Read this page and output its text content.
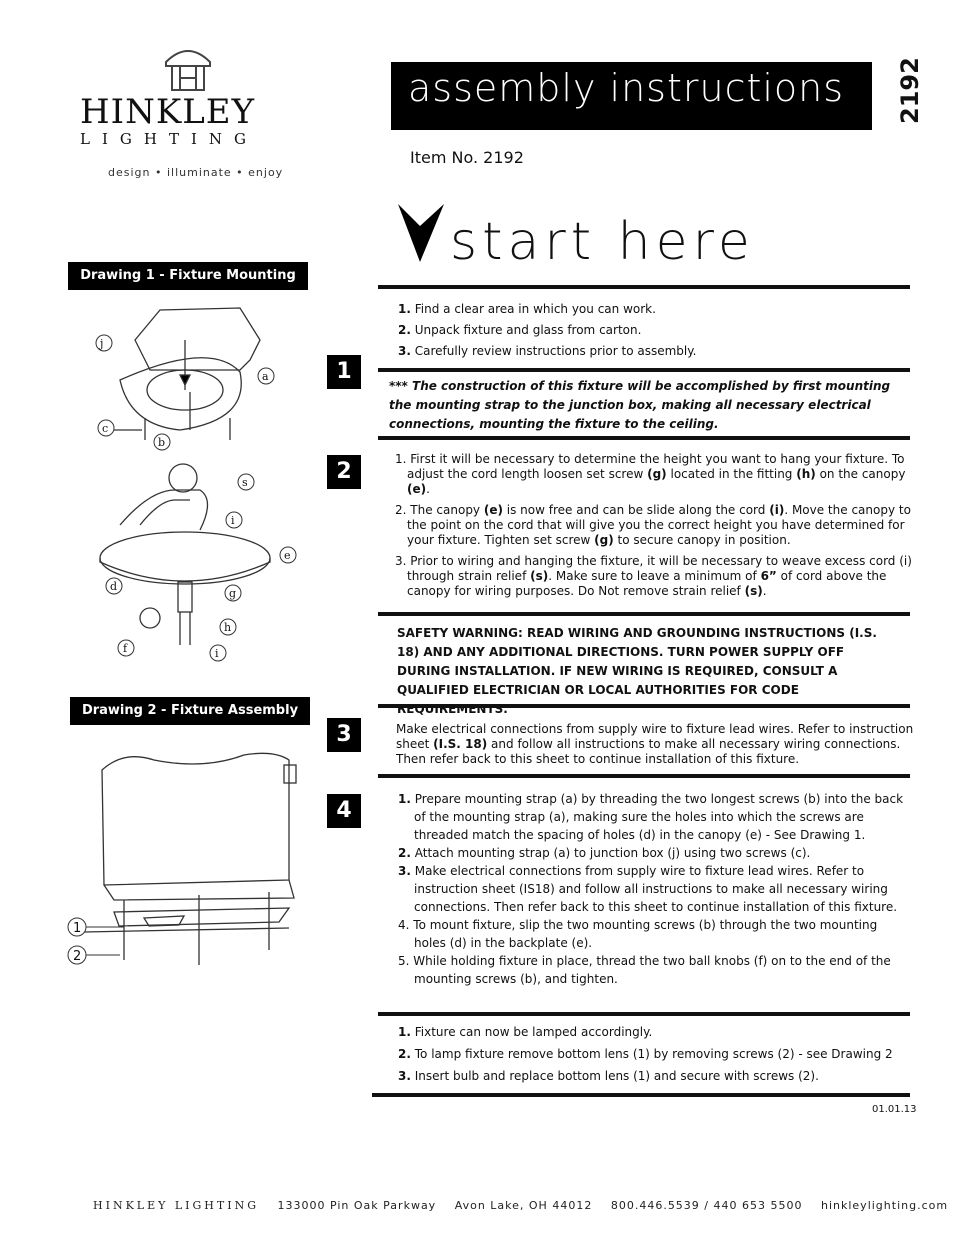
HINKLEY
LIGHTING
design • illuminate • enjoy
assembly instructions
Item No. 2192
2192
start here
Drawing 1 - Fixture Mounting
Drawing 2 - Fixture Assembly
j
a
c
b
s
i
e
d
g
h
f	i
1
2
1
2
3
4
1. Find a clear area in which you can work.
2. Unpack fixture and glass from carton.
3. Carefully review instructions prior to assembly.
*** The construction of this fixture will be accomplished by first mounting the mounting strap to the junction box, making all necessary electrical connections, mounting the fixture to the ceiling.
1. First it will be necessary to determine the height you want to hang your fixture. To adjust the cord length loosen set screw (g) located in the fitting (h) on the canopy (e).
2. The canopy (e) is now free and can be slide along the cord (i). Move the canopy to the point on the cord that will give you the correct height you have determined for your fixture. Tighten set screw (g) to secure canopy in position.
3. Prior to wiring and hanging the fixture, it will be necessary to weave excess cord (i) through strain relief (s). Make sure to leave a minimum of 6” of cord above the canopy for wiring purposes. Do Not remove strain relief (s).
SAFETY WARNING: READ WIRING AND GROUNDING INSTRUCTIONS (I.S. 18) AND ANY ADDITIONAL DIRECTIONS. TURN POWER SUPPLY OFF DURING INSTALLATION. IF NEW WIRING IS REQUIRED, CONSULT A QUALIFIED ELECTRICIAN OR LOCAL AUTHORITIES FOR CODE REQUIREMENTS.
Make electrical connections from supply wire to fixture lead wires. Refer to instruction sheet (I.S. 18) and follow all instructions to make all necessary wiring connections. Then refer back to this sheet to continue installation of this fixture.
1. Prepare mounting strap (a) by threading the two longest screws (b) into the back of the mounting strap (a), making sure the holes into which the screws are threaded match the spacing of holes (d) in the canopy (e) - See Drawing 1.
2. Attach mounting strap (a) to junction box (j) using two screws (c).
3. Make electrical connections from supply wire to fixture lead wires. Refer to instruction sheet (IS18) and follow all instructions to make all necessary wiring connections. Then refer back to this sheet to continue installation of this fixture.
4. To mount fixture, slip the two mounting screws (b) through the two mounting holes (d) in the backplate (e).
5. While holding fixture in place, thread the two ball knobs (f) on to the end of the mounting screws (b), and tighten.
1. Fixture can now be lamped accordingly.
2. To lamp fixture remove bottom lens (1) by removing screws (2) - see Drawing 2
3. Insert bulb and replace bottom lens (1) and secure with screws (2).
01.01.13
HINKLEY LIGHTING 133000 Pin Oak Parkway Avon Lake, OH 44012 800.446.5539 / 440 653 5500 hinkleylighting.com
